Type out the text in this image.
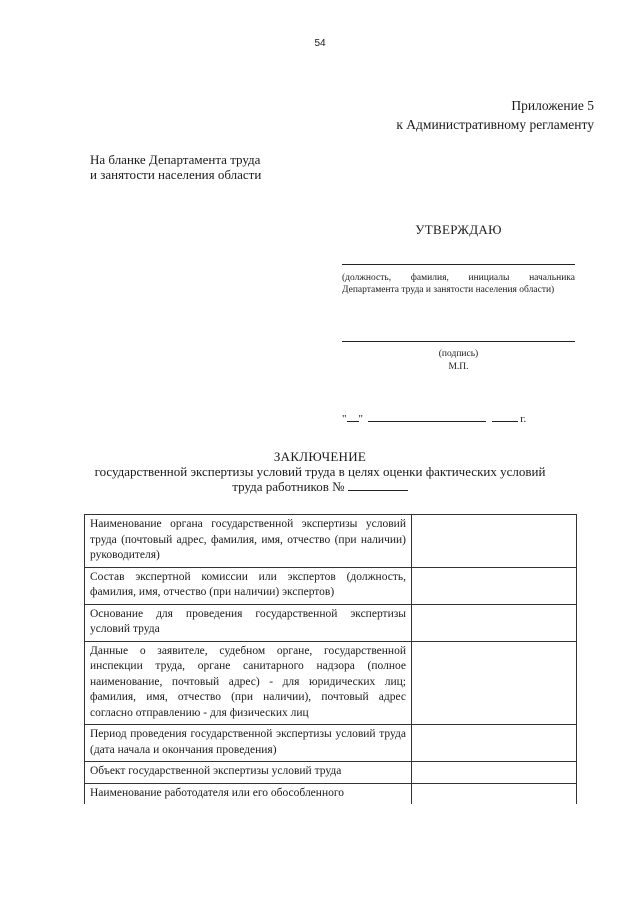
54
Приложение 5
к Административному регламенту
На бланке Департамента труда
и занятости населения области
УТВЕРЖДАЮ
(должность, фамилия, инициалы начальника Департамента труда и занятости населения области)
(подпись)
М.П.
" "	г.
ЗАКЛЮЧЕНИЕ
государственной экспертизы условий труда в целях оценки фактических условий
труда работников №
Наименование органа государственной экспертизы условий труда (почтовый адрес, фамилия, имя, отчество (при наличии) руководителя)	
Состав экспертной комиссии или экспертов (должность, фамилия, имя, отчество (при наличии) экспертов)	
Основание для проведения государственной экспертизы условий труда	
Данные о заявителе, судебном органе, государственной инспекции труда, органе санитарного надзора (полное наименование, почтовый адрес) - для юридических лиц; фамилия, имя, отчество (при наличии), почтовый адрес согласно отправлению - для физических лиц	
Период проведения государственной экспертизы условий труда (дата начала и окончания проведения)	
Объект государственной экспертизы условий труда	
Наименование работодателя или его обособленного	
